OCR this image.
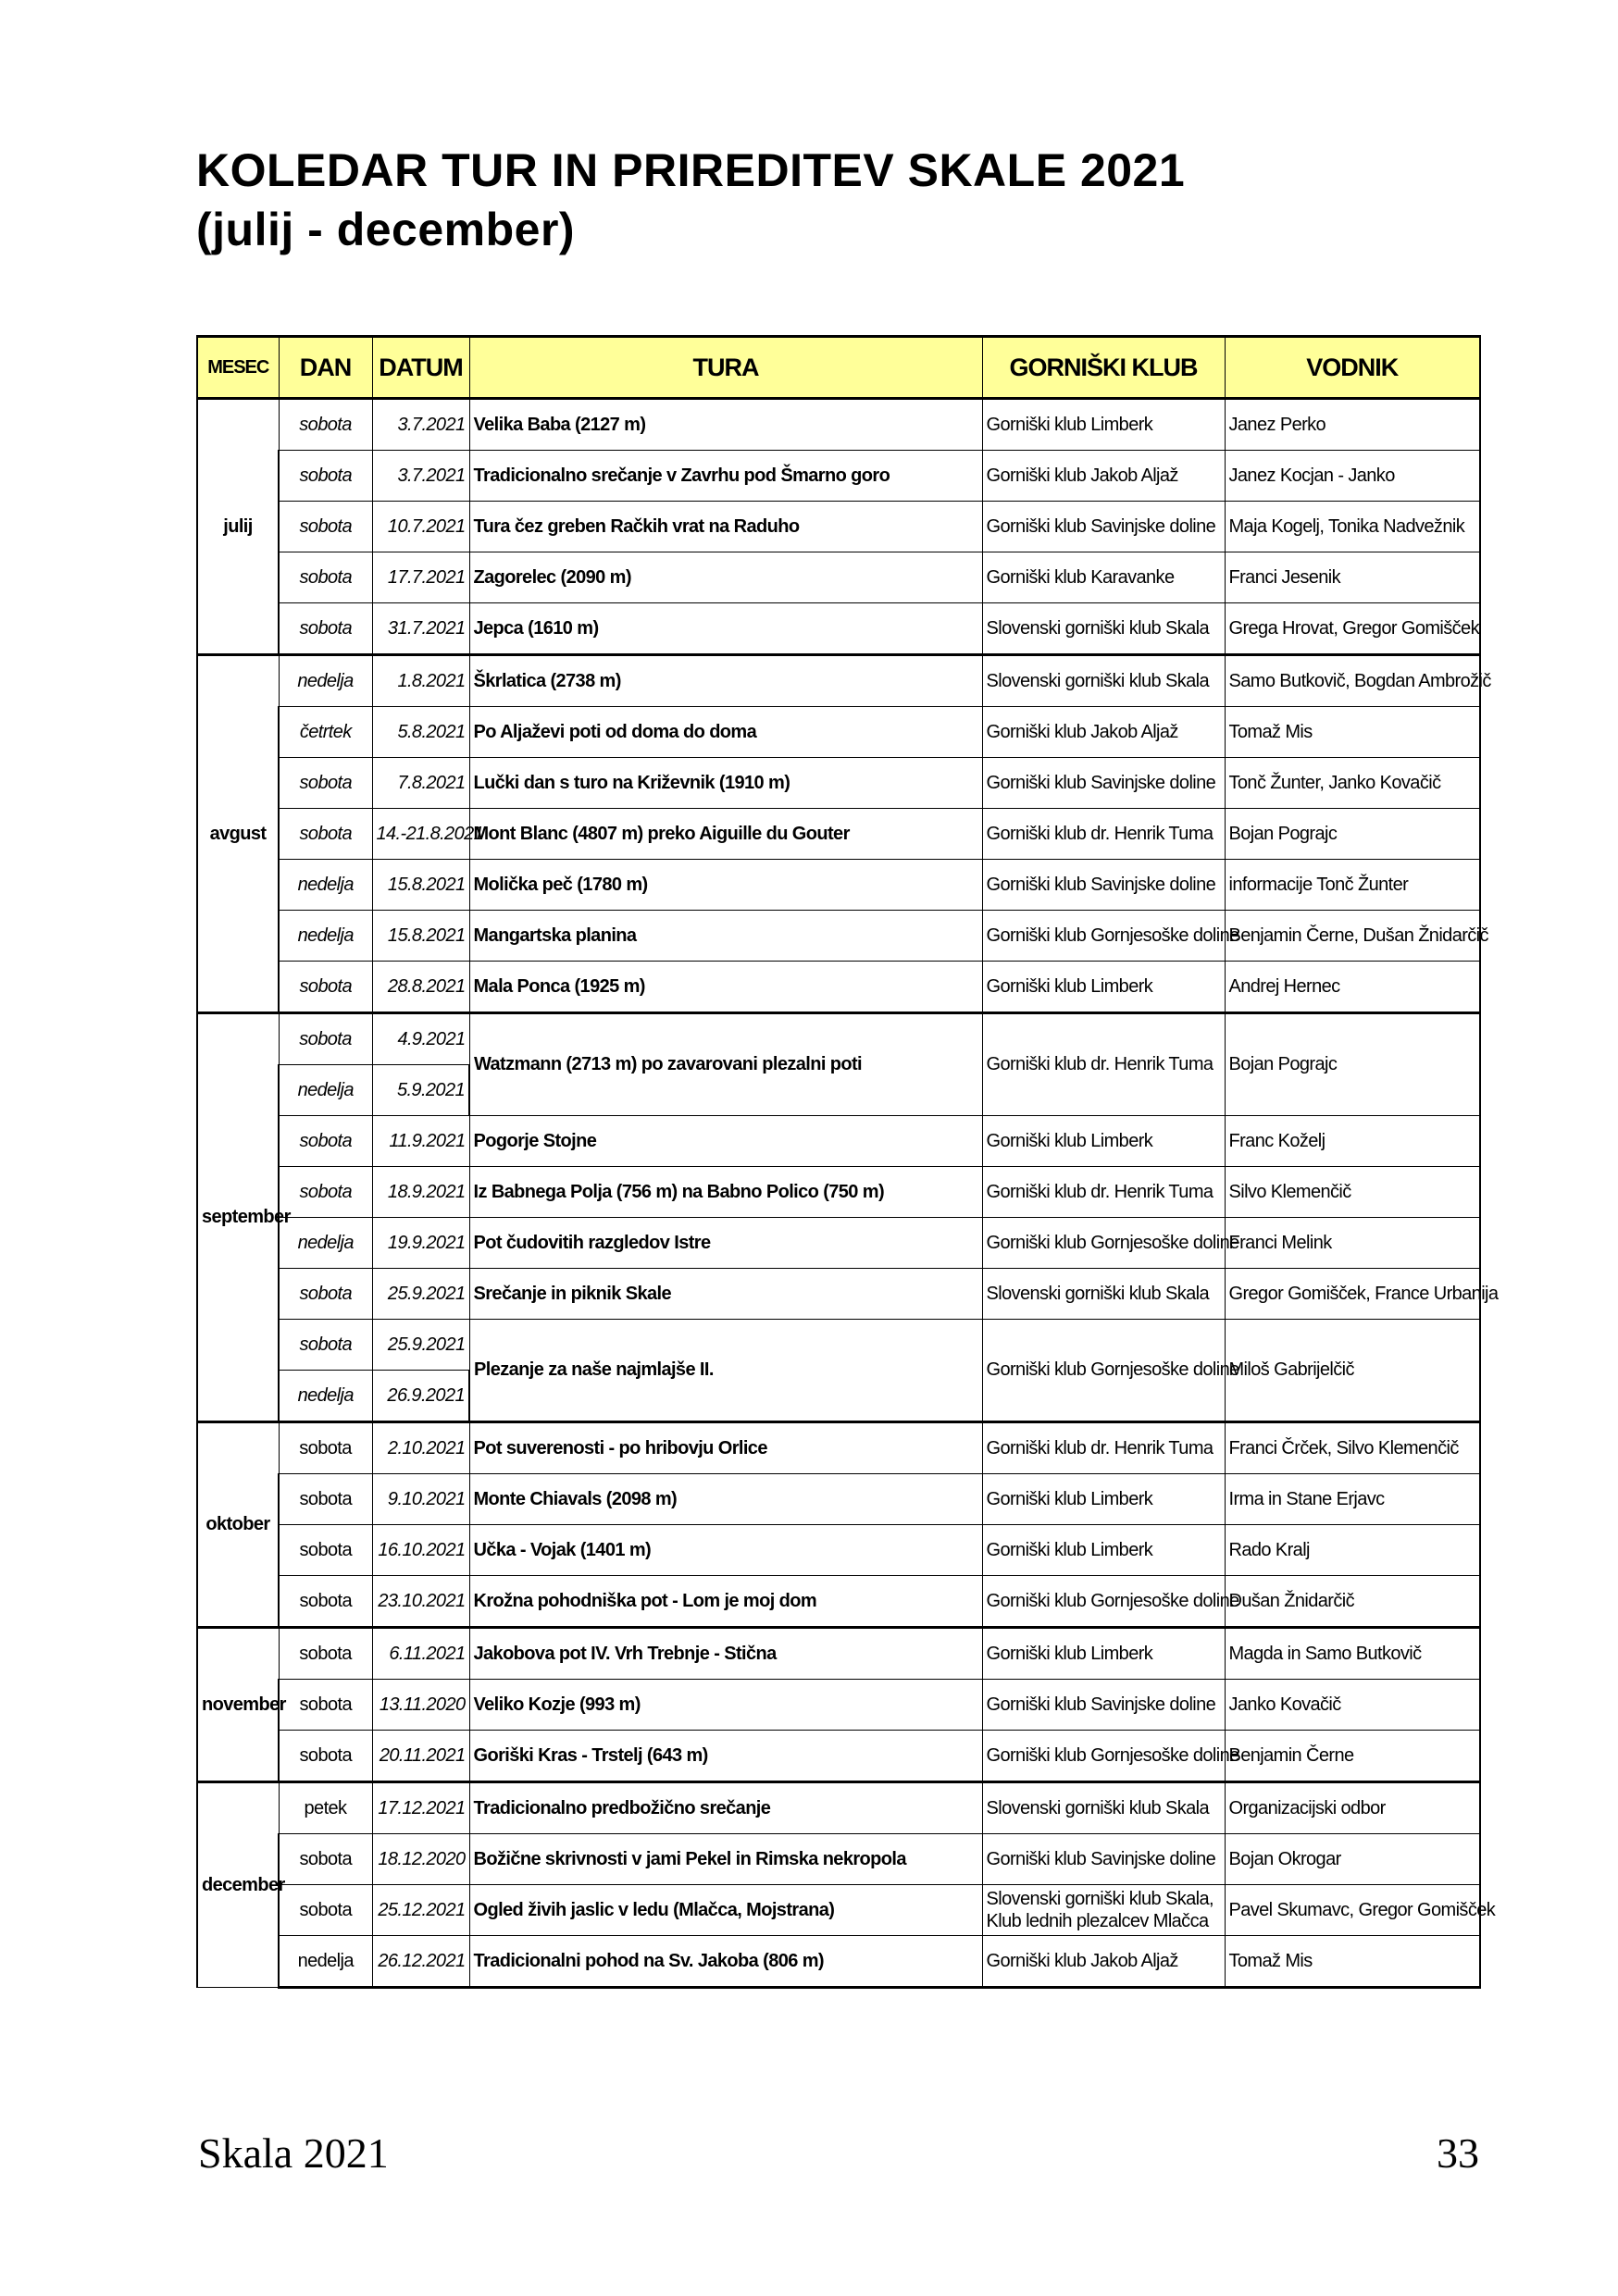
KOLEDAR TUR IN PRIREDITEV SKALE 2021
(julij - december)
MESEC	DAN	DATUM	TURA	GORNIŠKI KLUB	VODNIK
julij	sobota	3.7.2021	Velika Baba (2127 m)	Gorniški klub Limberk	Janez Perko
	sobota	3.7.2021	Tradicionalno srečanje v Zavrhu pod Šmarno goro	Gorniški klub Jakob Aljaž	Janez Kocjan - Janko
	sobota	10.7.2021	Tura čez greben Račkih vrat na Raduho	Gorniški klub Savinjske doline	Maja Kogelj, Tonika Nadvežnik
	sobota	17.7.2021	Zagorelec (2090 m)	Gorniški klub Karavanke	Franci Jesenik
	sobota	31.7.2021	Jepca (1610 m)	Slovenski gorniški klub Skala	Grega Hrovat, Gregor Gomišček
avgust	nedelja	1.8.2021	Škrlatica (2738 m)	Slovenski gorniški klub Skala	Samo Butkovič, Bogdan Ambrožič
	četrtek	5.8.2021	Po Aljaževi poti od doma do doma	Gorniški klub Jakob Aljaž	Tomaž Mis
	sobota	7.8.2021	Lučki dan s turo na Križevnik (1910 m)	Gorniški klub Savinjske doline	Tonč Žunter, Janko Kovačič
	sobota	14.-21.8.2021	Mont Blanc (4807 m) preko Aiguille du Gouter	Gorniški klub dr. Henrik Tuma	Bojan Pograjc
	nedelja	15.8.2021	Molička peč (1780 m)	Gorniški klub Savinjske doline	informacije Tonč Žunter
	nedelja	15.8.2021	Mangartska planina	Gorniški klub Gornjesoške doline	Benjamin Černe, Dušan Žnidarčič
	sobota	28.8.2021	Mala Ponca (1925 m)	Gorniški klub Limberk	Andrej Hernec
september	sobota	4.9.2021	Watzmann (2713 m) po zavarovani plezalni poti	Gorniški klub dr. Henrik Tuma	Bojan Pograjc
	nedelja	5.9.2021			
	sobota	11.9.2021	Pogorje Stojne	Gorniški klub Limberk	Franc Koželj
	sobota	18.9.2021	Iz Babnega Polja (756 m) na Babno Polico (750 m)	Gorniški klub dr. Henrik Tuma	Silvo Klemenčič
	nedelja	19.9.2021	Pot čudovitih razgledov Istre	Gorniški klub Gornjesoške doline	Franci Melink
	sobota	25.9.2021	Srečanje in piknik Skale	Slovenski gorniški klub Skala	Gregor Gomišček, France Urbanija
	sobota	25.9.2021	Plezanje za naše najmlajše II.	Gorniški klub Gornjesoške doline	Miloš Gabrijelčič
	nedelja	26.9.2021			
oktober	sobota	2.10.2021	Pot suverenosti - po hribovju Orlice	Gorniški klub dr. Henrik Tuma	Franci Črček, Silvo Klemenčič
	sobota	9.10.2021	Monte Chiavals (2098 m)	Gorniški klub Limberk	Irma in Stane Erjavc
	sobota	16.10.2021	Učka - Vojak (1401 m)	Gorniški klub Limberk	Rado Kralj
	sobota	23.10.2021	Krožna pohodniška pot - Lom je moj dom	Gorniški klub Gornjesoške doline	Dušan Žnidarčič
november	sobota	6.11.2021	Jakobova pot IV. Vrh Trebnje - Stična	Gorniški klub Limberk	Magda in Samo Butkovič
	sobota	13.11.2020	Veliko Kozje (993 m)	Gorniški klub Savinjske doline	Janko Kovačič
	sobota	20.11.2021	Goriški Kras - Trstelj (643 m)	Gorniški klub Gornjesoške doline	Benjamin Černe
december	petek	17.12.2021	Tradicionalno predbožično srečanje	Slovenski gorniški klub Skala	Organizacijski odbor
	sobota	18.12.2020	Božične skrivnosti v jami Pekel in Rimska nekropola	Gorniški klub Savinjske doline	Bojan Okrogar
	sobota	25.12.2021	Ogled živih jaslic v ledu (Mlačca, Mojstrana)	Slovenski gorniški klub Skala, Klub lednih plezalcev Mlačca	Pavel Skumavc, Gregor Gomišček
	nedelja	26.12.2021	Tradicionalni pohod na Sv. Jakoba (806 m)	Gorniški klub Jakob Aljaž	Tomaž Mis
Skala 2021	33
